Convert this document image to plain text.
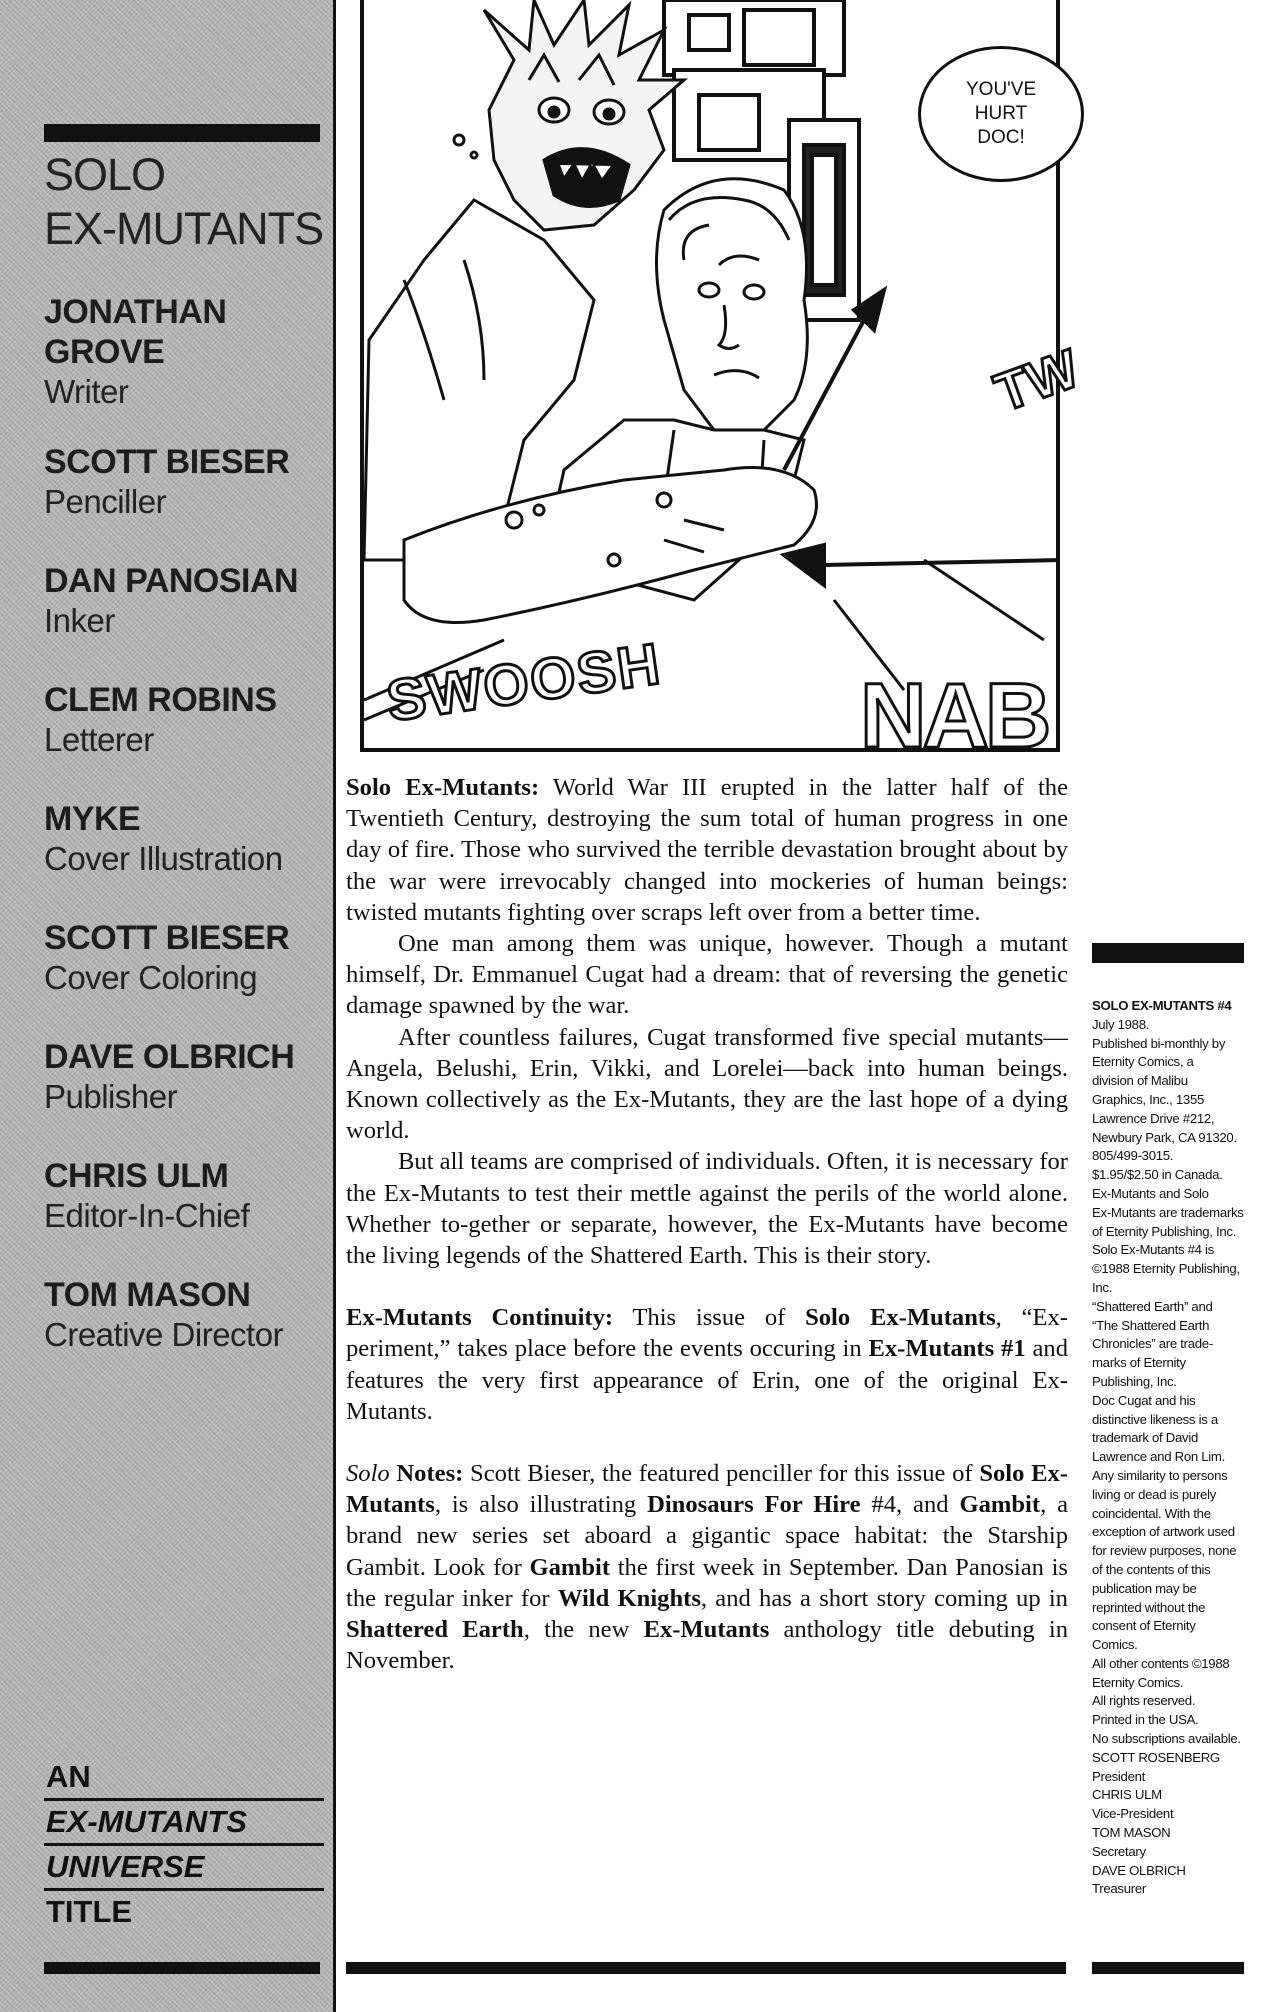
SOLO
EX-MUTANTS
JONATHAN
GROVE
Writer
SCOTT BIESER
Penciller
DAN PANOSIAN
Inker
CLEM ROBINS
Letterer
MYKE
Cover Illustration
SCOTT BIESER
Cover Coloring
DAVE OLBRICH
Publisher
CHRIS ULM
Editor-In-Chief
TOM MASON
Creative Director
AN
EX-MUTANTS
UNIVERSE
TITLE
YOU'VE HURT DOC!
SWOOSH NAB
TW

Solo Ex-Mutants: World War III erupted in the latter half of the Twentieth Century, destroying the sum total of human progress in one day of fire. Those who survived the terrible devastation brought about by the war were irrevocably changed into mockeries of human beings: twisted mutants fighting over scraps left over from a better time.

One man among them was unique, however. Though a mutant himself, Dr. Emmanuel Cugat had a dream: that of reversing the genetic damage spawned by the war.

After countless failures, Cugat transformed five special mutants—Angela, Belushi, Erin, Vikki, and Lorelei—back into human beings. Known collectively as the Ex-Mutants, they are the last hope of a dying world.

But all teams are comprised of individuals. Often, it is necessary for the Ex-Mutants to test their mettle against the perils of the world alone. Whether to-gether or separate, however, the Ex-Mutants have become the living legends of the Shattered Earth. This is their story.

Ex-Mutants Continuity: This issue of Solo Ex-Mutants, “Ex-periment,” takes place before the events occuring in Ex-Mutants #1 and features the very first appearance of Erin, one of the original Ex-Mutants.

Solo Notes: Scott Bieser, the featured penciller for this issue of Solo Ex-Mutants, is also illustrating Dinosaurs For Hire #4, and Gambit, a brand new series set aboard a gigantic space habitat: the Starship Gambit. Look for Gambit the first week in September. Dan Panosian is the regular inker for Wild Knights, and has a short story coming up in Shattered Earth, the new Ex-Mutants anthology title debuting in November.

SOLO EX-MUTANTS #4

July 1988.

Published bi-monthly by

Eternity Comics, a

division of Malibu

Graphics, Inc., 1355

Lawrence Drive #212,

Newbury Park, CA 91320.

805/499-3015.

$1.95/$2.50 in Canada.

Ex-Mutants and Solo

Ex-Mutants are trademarks

of Eternity Publishing, Inc.

Solo Ex-Mutants #4 is

©1988 Eternity Publishing,

Inc.

“Shattered Earth” and

“The Shattered Earth

Chronicles” are trade-

marks of Eternity

Publishing, Inc.

Doc Cugat and his

distinctive likeness is a

trademark of David

Lawrence and Ron Lim.

Any similarity to persons

living or dead is purely

coincidental. With the

exception of artwork used

for review purposes, none

of the contents of this

publication may be

reprinted without the

consent of Eternity

Comics.

All other contents ©1988

Eternity Comics.

All rights reserved.

Printed in the USA.

No subscriptions available.

SCOTT ROSENBERG

President

CHRIS ULM

Vice-President

TOM MASON

Secretary

DAVE OLBRICH

Treasurer
